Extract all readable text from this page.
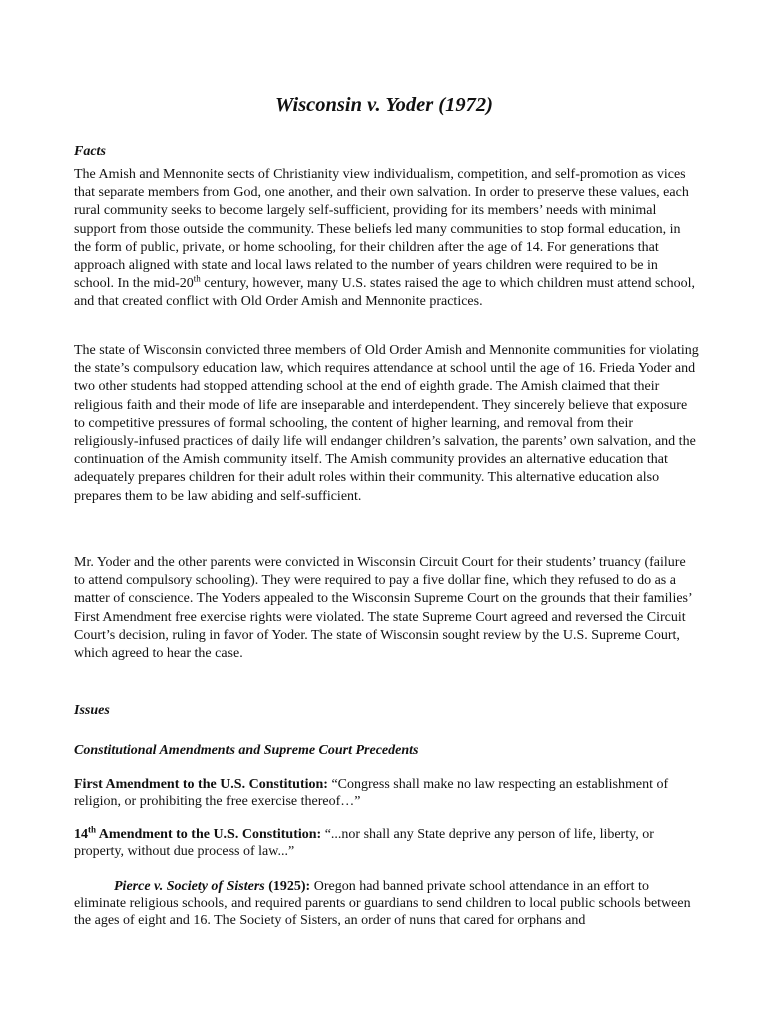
Wisconsin v. Yoder (1972)
Facts

The Amish and Mennonite sects of Christianity view individualism, competition, and self-promotion as vices that separate members from God, one another, and their own salvation. In order to preserve these values, each rural community seeks to become largely self-sufficient, providing for its members’ needs with minimal support from those outside the community. These beliefs led many communities to stop formal education, in the form of public, private, or home schooling, for their children after the age of 14. For generations that approach aligned with state and local laws related to the number of years children were required to be in school. In the mid-20th century, however, many U.S. states raised the age to which children must attend school, and that created conflict with Old Order Amish and Mennonite practices.

The state of Wisconsin convicted three members of Old Order Amish and Mennonite communities for violating the state’s compulsory education law, which requires attendance at school until the age of 16. Frieda Yoder and two other students had stopped attending school at the end of eighth grade. The Amish claimed that their religious faith and their mode of life are inseparable and interdependent. They sincerely believe that exposure to competitive pressures of formal schooling, the content of higher learning, and removal from their religiously-infused practices of daily life will endanger children’s salvation, the parents’ own salvation, and the continuation of the Amish community itself. The Amish community provides an alternative education that adequately prepares children for their adult roles within their community. This alternative education also prepares them to be law abiding and self-sufficient.

Mr. Yoder and the other parents were convicted in Wisconsin Circuit Court for their students’ truancy (failure to attend compulsory schooling). They were required to pay a five dollar fine, which they refused to do as a matter of conscience. The Yoders appealed to the Wisconsin Supreme Court on the grounds that their families’ First Amendment free exercise rights were violated. The state Supreme Court agreed and reversed the Circuit Court’s decision, ruling in favor of Yoder. The state of Wisconsin sought review by the U.S. Supreme Court, which agreed to hear the case.

Issues
Constitutional Amendments and Supreme Court Precedents

First Amendment to the U.S. Constitution: “Congress shall make no law respecting an establishment of religion, or prohibiting the free exercise thereof…”

14th Amendment to the U.S. Constitution: “...nor shall any State deprive any person of life, liberty, or property, without due process of law...”

Pierce v. Society of Sisters (1925): Oregon had banned private school attendance in an effort to eliminate religious schools, and required parents or guardians to send children to local public schools between the ages of eight and 16. The Society of Sisters, an order of nuns that cared for orphans and
